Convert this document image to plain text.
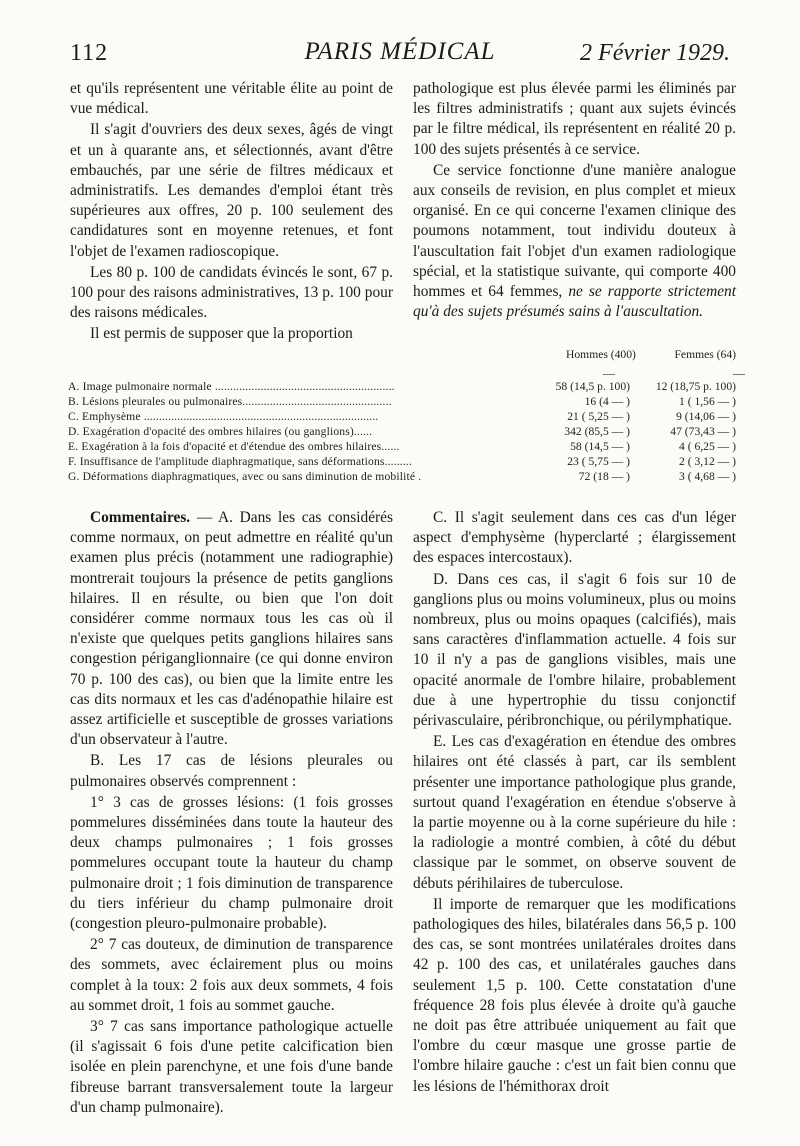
112	PARIS MÉDICAL	2 Février 1929.

et qu'ils représentent une véritable élite au point de vue médical.

Il s'agit d'ouvriers des deux sexes, âgés de vingt et un à quarante ans, et sélectionnés, avant d'être embauchés, par une série de filtres médicaux et administratifs. Les demandes d'emploi étant très supérieures aux offres, 20 p. 100 seulement des candidatures sont en moyenne retenues, et font l'objet de l'examen radioscopique.

Les 80 p. 100 de candidats évincés le sont, 67 p. 100 pour des raisons administratives, 13 p. 100 pour des raisons médicales.

Il est permis de supposer que la proportion

pathologique est plus élevée parmi les éliminés par les filtres administratifs ; quant aux sujets évincés par le filtre médical, ils représentent en réalité 20 p. 100 des sujets présentés à ce service.

Ce service fonctionne d'une manière analogue aux conseils de revision, en plus complet et mieux organisé. En ce qui concerne l'examen clinique des poumons notamment, tout individu douteux à l'auscultation fait l'objet d'un examen radiologique spécial, et la statistique suivante, qui comporte 400 hommes et 64 femmes, ne se rapporte strictement qu'à des sujets présumés sains à l'auscultation.

Hommes (400)	Femmes (64)
—	—
A. Image pulmonaire normale ...........................................................	58 (14,5 p. 100)	12 (18,75 p. 100)
B. Lésions pleurales ou pulmonaires.................................................	16 (4 — )	1 ( 1,56 — )
C. Emphysème .............................................................................	21 ( 5,25 — )	9 (14,06 — )
D. Exagération d'opacité des ombres hilaires (ou ganglions)......	342 (85,5 — )	47 (73,43 — )
E. Exagération à la fois d'opacité et d'étendue des ombres hilaires......	58 (14,5 — )	4 ( 6,25 — )
F. Insuffisance de l'amplitude diaphragmatique, sans déformations.........	23 ( 5,75 — )	2 ( 3,12 — )
G. Déformations diaphragmatiques, avec ou sans diminution de mobilité .	72 (18 — )	3 ( 4,68 — )

Commentaires. — A. Dans les cas considérés comme normaux, on peut admettre en réalité qu'un examen plus précis (notamment une radiographie) montrerait toujours la présence de petits ganglions hilaires. Il en résulte, ou bien que l'on doit considérer comme normaux tous les cas où il n'existe que quelques petits ganglions hilaires sans congestion périganglionnaire (ce qui donne environ 70 p. 100 des cas), ou bien que la limite entre les cas dits normaux et les cas d'adénopathie hilaire est assez artificielle et susceptible de grosses variations d'un observateur à l'autre.

B. Les 17 cas de lésions pleurales ou pulmonaires observés comprennent :

1° 3 cas de grosses lésions: (1 fois grosses pommelures disséminées dans toute la hauteur des deux champs pulmonaires ; 1 fois grosses pommelures occupant toute la hauteur du champ pulmonaire droit ; 1 fois diminution de transparence du tiers inférieur du champ pulmonaire droit (congestion pleuro-pulmonaire probable).

2° 7 cas douteux, de diminution de transparence des sommets, avec éclairement plus ou moins complet à la toux: 2 fois aux deux sommets, 4 fois au sommet droit, 1 fois au sommet gauche.

3° 7 cas sans importance pathologique actuelle (il s'agissait 6 fois d'une petite calcification bien isolée en plein parenchyne, et une fois d'une bande fibreuse barrant transversalement toute la largeur d'un champ pulmonaire).

C. Il s'agit seulement dans ces cas d'un léger aspect d'emphysème (hyperclarté ; élargissement des espaces intercostaux).

D. Dans ces cas, il s'agit 6 fois sur 10 de ganglions plus ou moins volumineux, plus ou moins nombreux, plus ou moins opaques (calcifiés), mais sans caractères d'inflammation actuelle. 4 fois sur 10 il n'y a pas de ganglions visibles, mais une opacité anormale de l'ombre hilaire, probablement due à une hypertrophie du tissu conjonctif périvasculaire, péribronchique, ou périlymphatique.

E. Les cas d'exagération en étendue des ombres hilaires ont été classés à part, car ils semblent présenter une importance pathologique plus grande, surtout quand l'exagération en étendue s'observe à la partie moyenne ou à la corne supérieure du hile : la radiologie a montré combien, à côté du début classique par le sommet, on observe souvent de débuts périhilaires de tuberculose.

Il importe de remarquer que les modifications pathologiques des hiles, bilatérales dans 56,5 p. 100 des cas, se sont montrées unilatérales droites dans 42 p. 100 des cas, et unilatérales gauches dans seulement 1,5 p. 100. Cette constatation d'une fréquence 28 fois plus élevée à droite qu'à gauche ne doit pas être attribuée uniquement au fait que l'ombre du cœur masque une grosse partie de l'ombre hilaire gauche : c'est un fait bien connu que les lésions de l'hémithorax droit
